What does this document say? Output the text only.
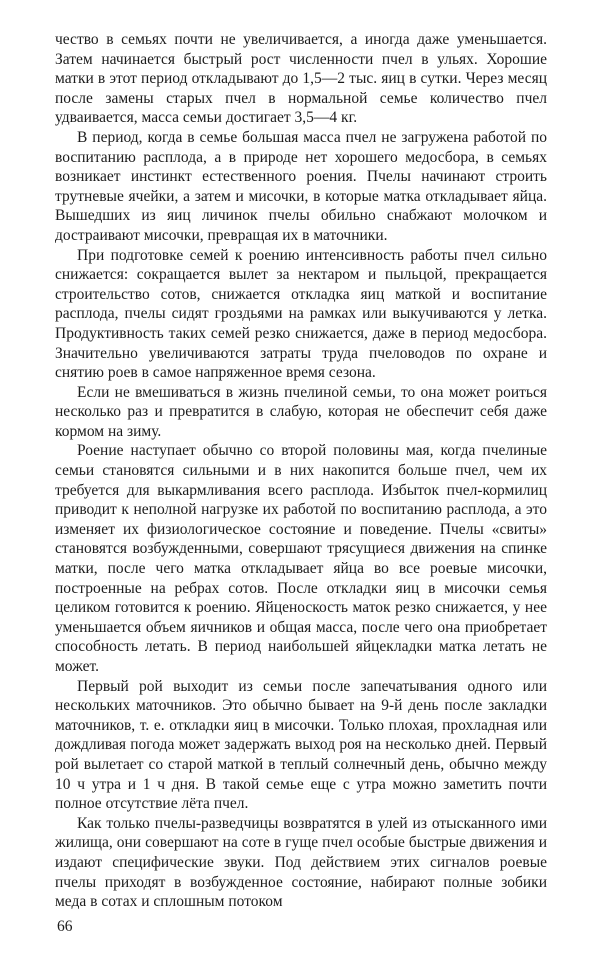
чество в семьях почти не увеличивается, а иногда даже уменьшается. Затем начинается быстрый рост численности пчел в ульях. Хорошие матки в этот период откладывают до 1,5—2 тыс. яиц в сутки. Через месяц после замены старых пчел в нормальной семье количество пчел удваивается, масса семьи достигает 3,5—4 кг.

В период, когда в семье большая масса пчел не загружена работой по воспитанию расплода, а в природе нет хорошего медосбора, в семьях возникает инстинкт естественного роения. Пчелы начинают строить трутневые ячейки, а затем и мисочки, в которые матка откладывает яйца. Вышедших из яиц личинок пчелы обильно снабжают молочком и достраивают мисочки, превращая их в маточники.

При подготовке семей к роению интенсивность работы пчел сильно снижается: сокращается вылет за нектаром и пыльцой, прекращается строительство сотов, снижается откладка яиц маткой и воспитание расплода, пчелы сидят гроздьями на рамках или выкучиваются у летка. Продуктивность таких семей резко снижается, даже в период медосбора. Значительно увеличиваются затраты труда пчеловодов по охране и снятию роев в самое напряженное время сезона.

Если не вмешиваться в жизнь пчелиной семьи, то она может роиться несколько раз и превратится в слабую, которая не обеспечит себя даже кормом на зиму.

Роение наступает обычно со второй половины мая, когда пчелиные семьи становятся сильными и в них накопится больше пчел, чем их требуется для выкармливания всего расплода. Избыток пчел-кормилиц приводит к неполной нагрузке их работой по воспитанию расплода, а это изменяет их физиологическое состояние и поведение. Пчелы «свиты» становятся возбужденными, совершают трясущиеся движения на спинке матки, после чего матка откладывает яйца во все роевые мисочки, построенные на ребрах сотов. После откладки яиц в мисочки семья целиком готовится к роению. Яйценоскость маток резко снижается, у нее уменьшается объем яичников и общая масса, после чего она приобретает способность летать. В период наибольшей яйцекладки матка летать не может.

Первый рой выходит из семьи после запечатывания одного или нескольких маточников. Это обычно бывает на 9-й день после закладки маточников, т. е. откладки яиц в мисочки. Только плохая, прохладная или дождливая погода может задержать выход роя на несколько дней. Первый рой вылетает со старой маткой в теплый солнечный день, обычно между 10 ч утра и 1 ч дня. В такой семье еще с утра можно заметить почти полное отсутствие лёта пчел.

Как только пчелы-разведчицы возвратятся в улей из отысканного ими жилища, они совершают на соте в гуще пчел особые быстрые движения и издают специфические звуки. Под действием этих сигналов роевые пчелы приходят в возбужденное состояние, набирают полные зобики меда в сотах и сплошным потоком

66
